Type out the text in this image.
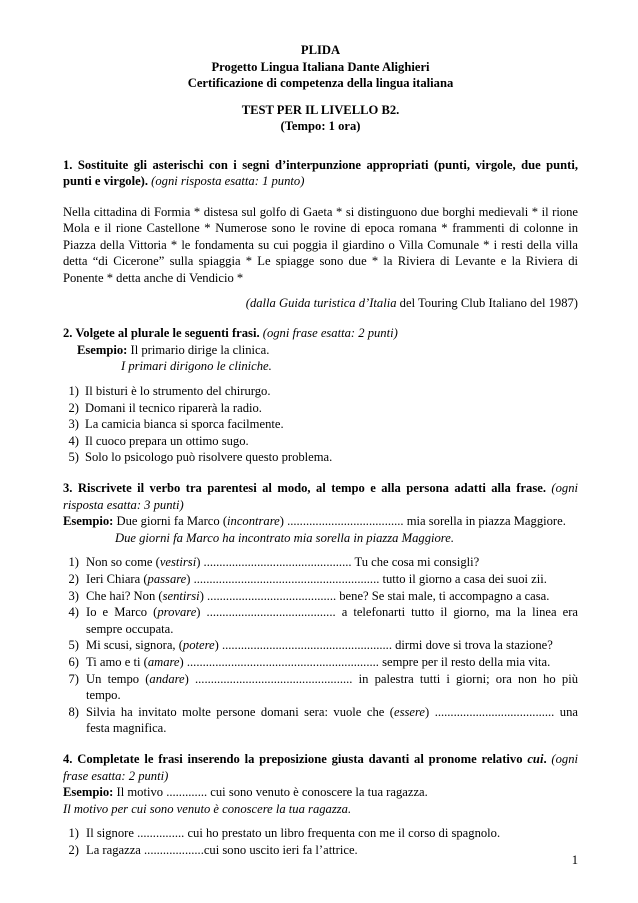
PLIDA
Progetto Lingua Italiana Dante Alighieri
Certificazione di competenza della lingua italiana
TEST PER IL LIVELLO B2.
(Tempo: 1 ora)

1. Sostituite gli asterischi con i segni d’interpunzione appropriati (punti, virgole, due punti, punti e virgole). (ogni risposta esatta: 1 punto)

Nella cittadina di Formia * distesa sul golfo di Gaeta * si distinguono due borghi medievali * il rione Mola e il rione Castellone * Numerose sono le rovine di epoca romana * frammenti di colonne in Piazza della Vittoria * le fondamenta su cui poggia il giardino o Villa Comunale * i resti della villa detta “di Cicerone” sulla spiaggia * Le spiagge sono due * la Riviera di Levante e la Riviera di Ponente * detta anche di Vendicio *

(dalla Guida turistica d’Italia del Touring Club Italiano del 1987)

2. Volgete al plurale le seguenti frasi. (ogni frase esatta: 2 punti)

Esempio: Il primario dirige la clinica.

I primari dirigono le cliniche.

1) Il bisturi è lo strumento del chirurgo.
2) Domani il tecnico riparerà la radio.
3) La camicia bianca si sporca facilmente.
4) Il cuoco prepara un ottimo sugo.
5) Solo lo psicologo può risolvere questo problema.

3. Riscrivete il verbo tra parentesi al modo, al tempo e alla persona adatti alla frase. (ogni risposta esatta: 3 punti)

Esempio: Due giorni fa Marco (incontrare) ..................................... mia sorella in piazza Maggiore.

Due giorni fa Marco ha incontrato mia sorella in piazza Maggiore.

1) Non so come (vestirsi) ............................................... Tu che cosa mi consigli?
2) Ieri Chiara (passare) ........................................................... tutto il giorno a casa dei suoi zii.
3) Che hai? Non (sentirsi) ......................................... bene? Se stai male, ti accompagno a casa.
4) Io e Marco (provare) ......................................... a telefonarti tutto il giorno, ma la linea era sempre occupata.
5) Mi scusi, signora, (potere) ...................................................... dirmi dove si trova la stazione?
6) Ti amo e ti (amare) ............................................................. sempre per il resto della mia vita.
7) Un tempo (andare) .................................................. in palestra tutti i giorni; ora non ho più tempo.
8) Silvia ha invitato molte persone domani sera: vuole che (essere) ...................................... una festa magnifica.

4. Completate le frasi inserendo la preposizione giusta davanti al pronome relativo cui. (ogni frase esatta: 2 punti)

Esempio: Il motivo ............. cui sono venuto è conoscere la tua ragazza.

Il motivo per cui sono venuto è conoscere la tua ragazza.

1) Il signore ............... cui ho prestato un libro frequenta con me il corso di spagnolo.
2) La ragazza ...................cui sono uscito ieri fa l’attrice.
1
